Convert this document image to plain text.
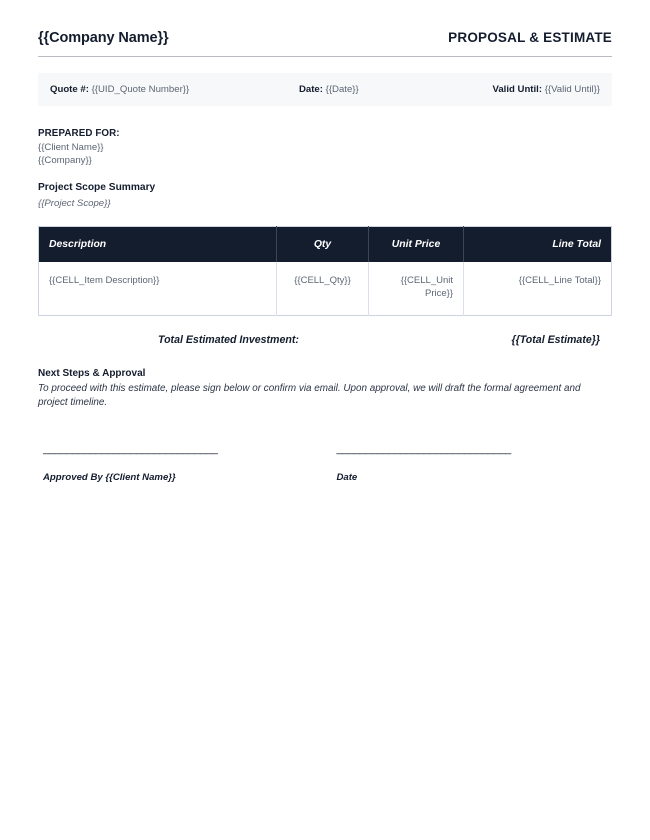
{{Company Name}}	PROPOSAL & ESTIMATE
Quote #: {{UID_Quote Number}}	Date: {{Date}}	Valid Until: {{Valid Until}}
PREPARED FOR:
{{Client Name}}
{{Company}}
Project Scope Summary
{{Project Scope}}
Description	Qty	Unit Price	Line Total
{{CELL_Item Description}}	{{CELL_Qty}}	{{CELL_Unit Price}}	{{CELL_Line Total}}
Total Estimated Investment:	{{Total Estimate}}
Next Steps & Approval
To proceed with this estimate, please sign below or confirm via email. Upon approval, we will draft the formal agreement and project timeline.
______________________________
Approved By {{Client Name}}
______________________________
Date
